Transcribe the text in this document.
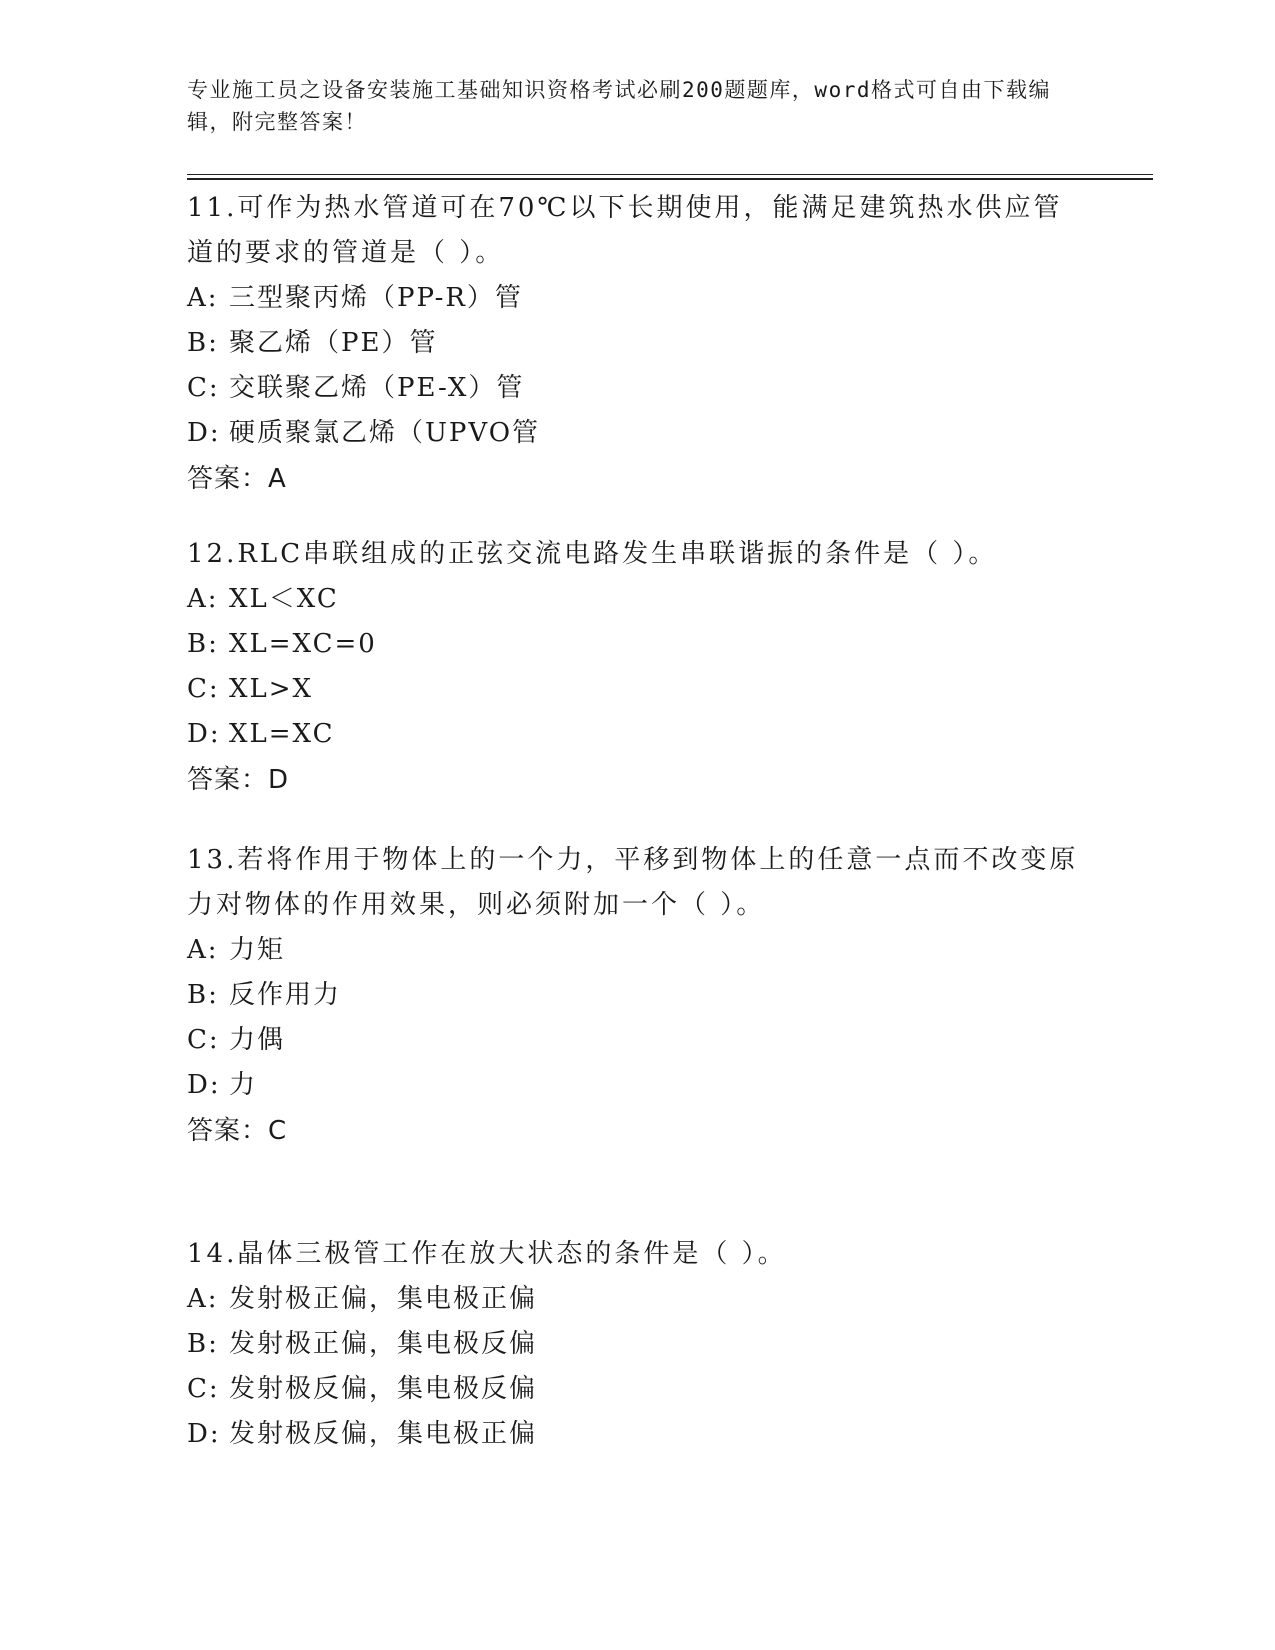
专业施工员之设备安装施工基础知识资格考试必刷200题题库，word格式可自由下载编辑，附完整答案！

11.可作为热水管道可在70℃以下长期使用，能满足建筑热水供应管道的要求的管道是（ ）。

A: 三型聚丙烯（PP-R）管

B: 聚乙烯（PE）管

C: 交联聚乙烯（PE-X）管

D: 硬质聚氯乙烯（UPVO管

答案：A

12.RLC串联组成的正弦交流电路发生串联谐振的条件是（ ）。

A: XL＜XC

B: XL=XC=0

C: XL>X

D: XL=XC

答案：D

13.若将作用于物体上的一个力，平移到物体上的任意一点而不改变原力对物体的作用效果，则必须附加一个（ ）。

A: 力矩

B: 反作用力

C: 力偶

D: 力

答案：C

14.晶体三极管工作在放大状态的条件是（ ）。

A: 发射极正偏，集电极正偏

B: 发射极正偏，集电极反偏

C: 发射极反偏，集电极反偏

D: 发射极反偏，集电极正偏
